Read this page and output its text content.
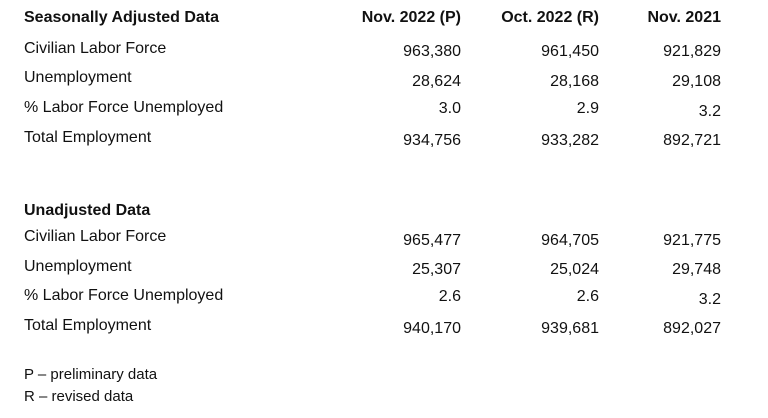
Seasonally Adjusted Data	Nov. 2022 (P)	Oct. 2022 (R)	Nov. 2021
Civilian Labor Force	963,380	961,450	921,829
Unemployment	28,624	28,168	29,108
% Labor Force Unemployed	3.0	2.9	3.2
Total Employment	934,756	933,282	892,721
Unadjusted Data
Civilian Labor Force	965,477	964,705	921,775
Unemployment	25,307	25,024	29,748
% Labor Force Unemployed	2.6	2.6	3.2
Total Employment	940,170	939,681	892,027
P – preliminary data
R – revised data
